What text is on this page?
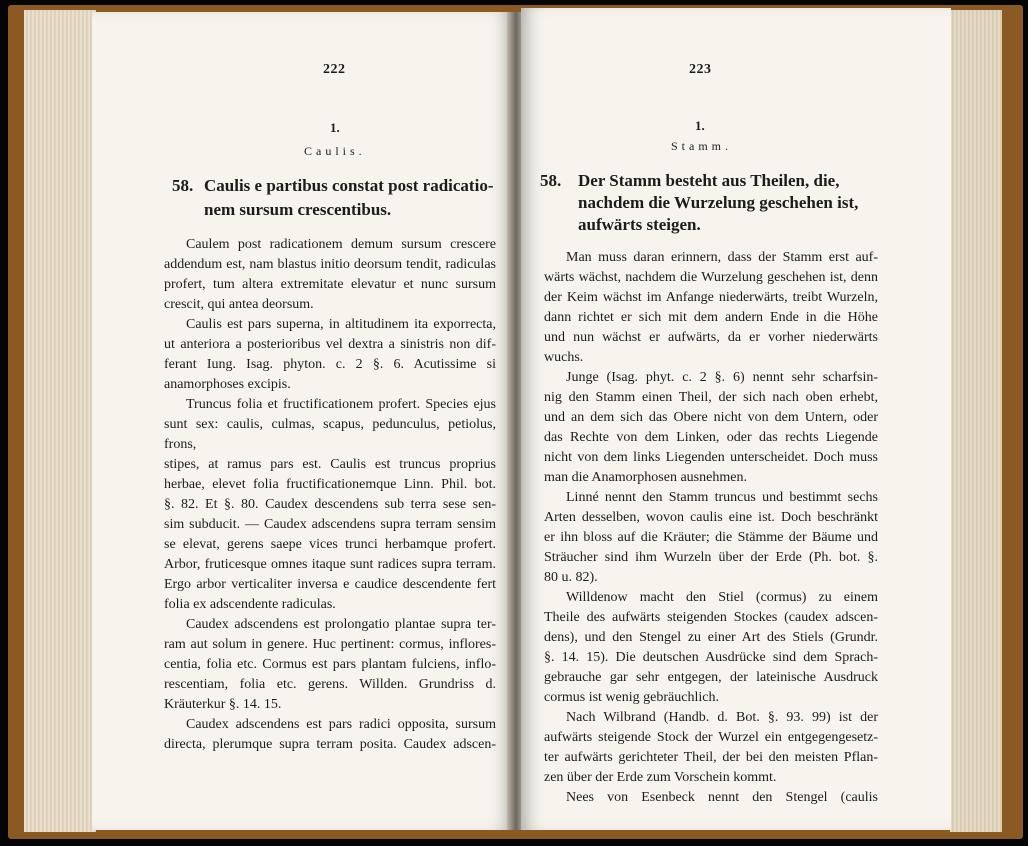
222
1.
Caulis.
58. Caulis e partibus constat post radicatio-
nem sursum crescentibus.
Caulem post radicationem demum sursum crescere
addendum est, nam blastus initio deorsum tendit, radiculas
profert, tum altera extremitate elevatur et nunc sursum
crescit, qui antea deorsum.
Caulis est pars superna, in altitudinem ita exporrecta,
ut anteriora a posterioribus vel dextra a sinistris non dif-
ferant Iung. Isag. phyton. c. 2 §. 6. Acutissime si
anamorphoses excipis.
Truncus folia et fructificationem profert. Species ejus
sunt sex: caulis, culmas, scapus, pedunculus, petiolus, frons,
stipes, at ramus pars est. Caulis est truncus proprius
herbae, elevet folia fructificationemque Linn. Phil. bot.
§. 82. Et §. 80. Caudex descendens sub terra sese sen-
sim subducit. — Caudex adscendens supra terram sensim
se elevat, gerens saepe vices trunci herbamque profert.
Arbor, fruticesque omnes itaque sunt radices supra terram.
Ergo arbor verticaliter inversa e caudice descendente fert
folia ex adscendente radiculas.
Caudex adscendens est prolongatio plantae supra ter-
ram aut solum in genere. Huc pertinent: cormus, inflores-
centia, folia etc. Cormus est pars plantam fulciens, inflo-
rescentiam, folia etc. gerens. Willden. Grundriss d.
Kräuterkur §. 14. 15.
Caudex adscendens est pars radici opposita, sursum
directa, plerumque supra terram posita. Caudex adscen-
223
1.
Stamm.
58. Der Stamm besteht aus Theilen, die,
nachdem die Wurzelung geschehen ist,
aufwärts steigen.
Man muss daran erinnern, dass der Stamm erst auf-
wärts wächst, nachdem die Wurzelung geschehen ist, denn
der Keim wächst im Anfange niederwärts, treibt Wurzeln,
dann richtet er sich mit dem andern Ende in die Höhe
und nun wächst er aufwärts, da er vorher niederwärts
wuchs.
Junge (Isag. phyt. c. 2 §. 6) nennt sehr scharfsin-
nig den Stamm einen Theil, der sich nach oben erhebt,
und an dem sich das Obere nicht von dem Untern, oder
das Rechte von dem Linken, oder das rechts Liegende
nicht von dem links Liegenden unterscheidet. Doch muss
man die Anamorphosen ausnehmen.
Linné nennt den Stamm truncus und bestimmt sechs
Arten desselben, wovon caulis eine ist. Doch beschränkt
er ihn bloss auf die Kräuter; die Stämme der Bäume und
Sträucher sind ihm Wurzeln über der Erde (Ph. bot. §.
80 u. 82).
Willdenow macht den Stiel (cormus) zu einem
Theile des aufwärts steigenden Stockes (caudex adscen-
dens), und den Stengel zu einer Art des Stiels (Grundr.
§. 14. 15). Die deutschen Ausdrücke sind dem Sprach-
gebrauche gar sehr entgegen, der lateinische Ausdruck
cormus ist wenig gebräuchlich.
Nach Wilbrand (Handb. d. Bot. §. 93. 99) ist der
aufwärts steigende Stock der Wurzel ein entgegengesetz-
ter aufwärts gerichteter Theil, der bei den meisten Pflan-
zen über der Erde zum Vorschein kommt.
Nees von Esenbeck nennt den Stengel (caulis
